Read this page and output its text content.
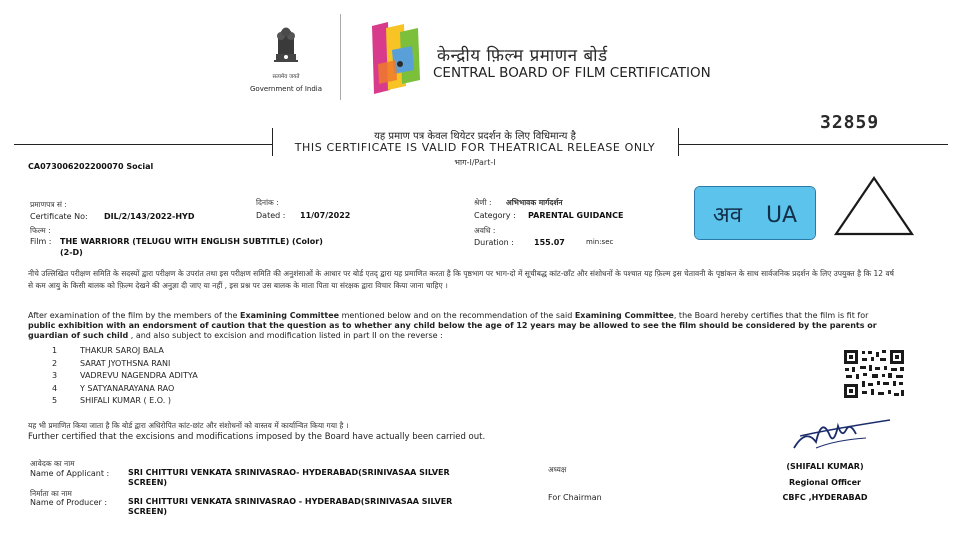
सत्यमेव जयते
Government of India
केन्द्रीय फ़िल्म प्रमाणन बोर्ड
CENTRAL BOARD OF FILM CERTIFICATION
32859
यह प्रमाण पत्र केवल थियेटर प्रदर्शन के लिए विधिमान्य है
THIS CERTIFICATE IS VALID FOR THEATRICAL RELEASE ONLY
भाग-I/Part-I
CA073006202200070 Social
प्रमाणपत्र सं :
Certificate No: DIL/2/143/2022-HYD
दिनांक :
Dated : 11/07/2022
श्रेणी : अभिभावक मार्गदर्शन
Category : PARENTAL GUIDANCE
फिल्म :
Film : THE WARRIORR (TELUGU WITH ENGLISH SUBTITLE) (Color)
(2-D)
अवधि :
Duration :	155.07	min:sec
अव UA
नीचे उल्लिखित परीक्षण समिति के सदस्यों द्वारा परीक्षण के उपरांत तथा इस परीक्षण समिति की अनुशंसाओं के आधार पर बोर्ड एतद् द्वारा यह प्रमाणित करता है कि पृष्ठभाग पर भाग-दो में सूचीबद्ध कांट-छाँट और संशोधनों के पश्चात यह फ़िल्म इस चेतावनी के पृष्ठांकन के साथ सार्वजनिक प्रदर्शन के लिए उपयुक्त है कि 12 वर्ष से कम आयु के किसी बालक को फ़िल्म देखने की अनुज्ञा दी जाए या नहीं , इस प्रश्न पर उस बालक के माता पिता या संरक्षक द्वारा विचार किया जाना चाहिए ।
After examination of the film by the members of the Examining Committee mentioned below and on the recommendation of the said Examining Committee, the Board hereby certifies that the film is fit for public exhibition with an endorsment of caution that the question as to whether any child below the age of 12 years may be allowed to see the film should be considered by the parents or guardian of such child , and also subject to excision and modification listed in part II on the reverse :
1	THAKUR SAROJ BALA
2	SARAT JYOTHSNA RANI
3	VADREVU NAGENDRA ADITYA
4	Y SATYANARAYANA RAO
5	SHIFALI KUMAR ( E.O. )
यह भी प्रमाणित किया जाता है कि बोर्ड द्वारा अधिरोपित कांट-छांट और संशोधनों को वास्तव में कार्यान्वित किया गया है ।
Further certified that the excisions and modifications imposed by the Board have actually been carried out.
(SHIFALI KUMAR)
Regional Officer
CBFC ,HYDERABAD
आवेदक का नाम
Name of Applicant : SRI CHITTURI VENKATA SRINIVASRAO- HYDERABAD(SRINIVASAA SILVER
SCREEN)
अध्यक्ष
निर्माता का नाम
Name of Producer :	SRI CHITTURI VENKATA SRINIVASRAO - HYDERABAD(SRINIVASAA SILVER
SCREEN)
For Chairman
